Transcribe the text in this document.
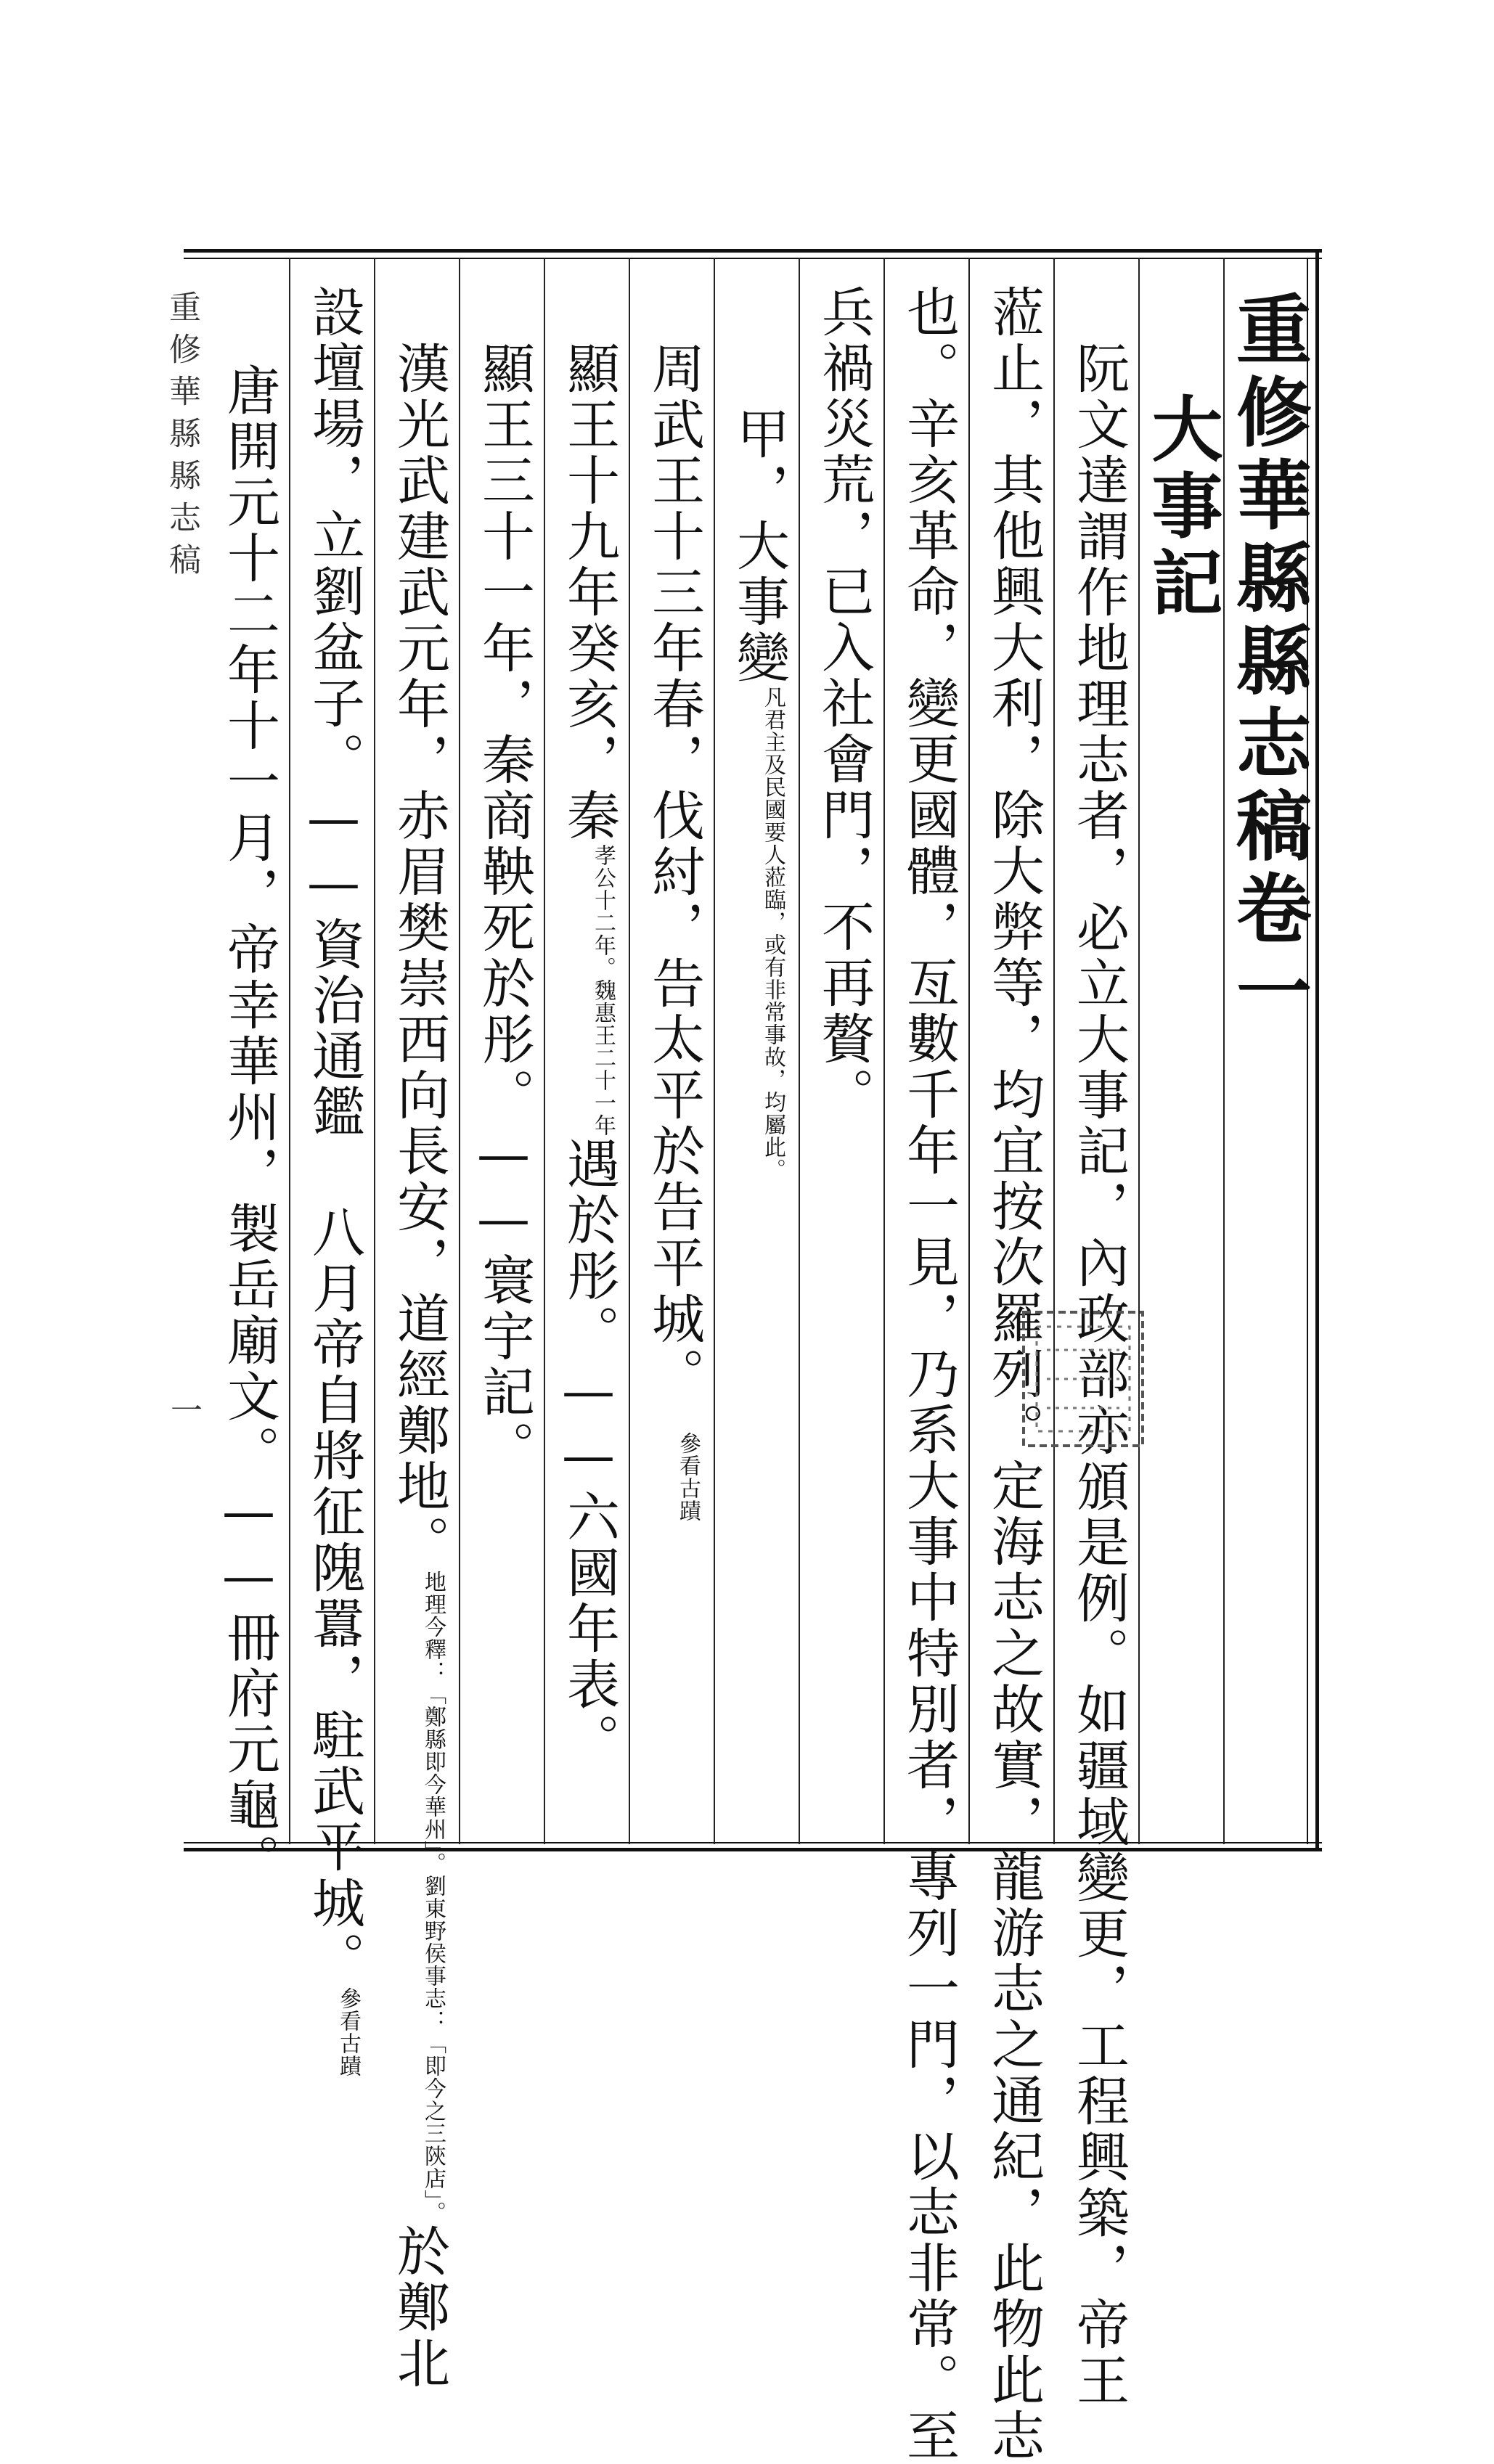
重修華縣縣志稿
一
重修華縣縣志稿卷一
大事記
阮文達謂作地理志者，必立大事記，內政部亦頒是例。如疆域變更，工程興築，帝王
蒞止，其他興大利，除大弊等，均宜按次羅列。定海志之故實，龍游志之通紀，此物此志
也。辛亥革命，變更國體，亙數千年一見，乃系大事中特別者，專列一門，以志非常。至
兵禍災荒，已入社會門，不再贅。
甲，大事變凡君主及民國要人蒞臨，或有非常事故，均屬此。
周武王十三年春，伐紂，告太平於告平城。參看古蹟
顯王十九年癸亥，秦孝公十二年。魏惠王二十一年遇於彤。——六國年表。
顯王三十一年，秦商鞅死於彤。——寰宇記。
漢光武建武元年，赤眉樊崇西向長安，道經鄭地。地理今釋：「鄭縣即今華州」。劉東野侯事志：「即今之三陝店」。於鄭北
設壇場，立劉盆子。——資治通鑑 八月帝自將征隗囂，駐武平城。參看古蹟
唐開元十二年十一月，帝幸華州，製岳廟文。——冊府元龜。
